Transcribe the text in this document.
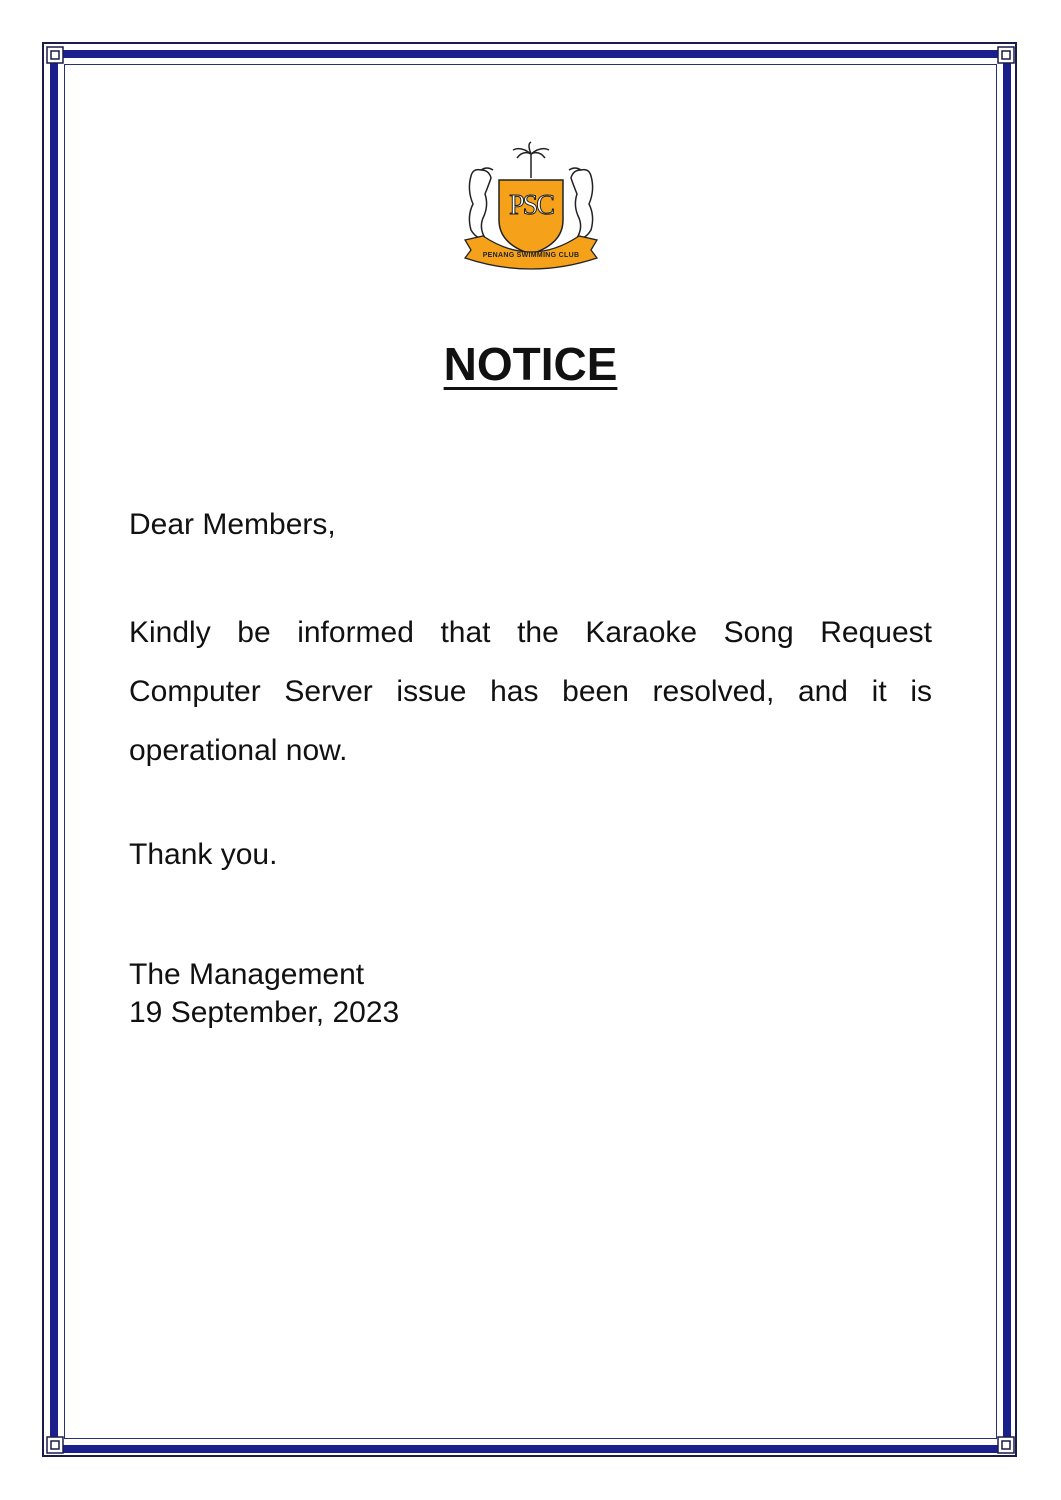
PSC
PENANG SWIMMING CLUB
NOTICE

Dear Members,

Kindly be informed that the Karaoke Song Request Computer Server issue has been resolved, and it is operational now.

Thank you.

The Management
19 September, 2023
